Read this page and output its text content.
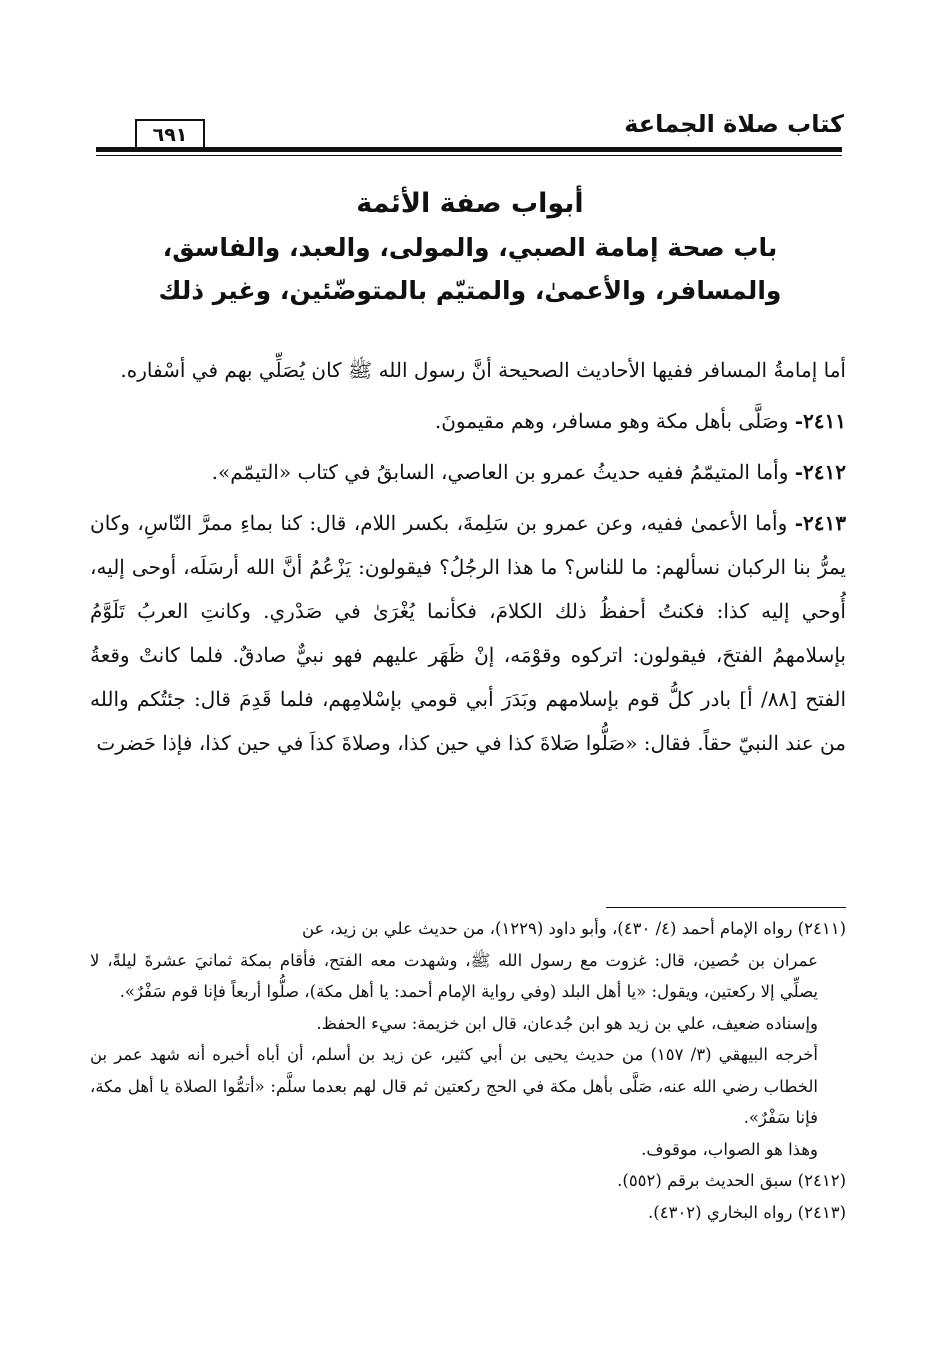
كتاب صلاة الجماعة
٦٩١
أبواب صفة الأئمة
باب صحة إمامة الصبي، والمولى، والعبد، والفاسق،
والمسافر، والأعمىٰ، والمتيّم بالمتوضّئين، وغير ذلك

أما إمامةُ المسافر ففيها الأحاديث الصحيحة أنَّ رسول الله ﷺ كان يُصَلِّي بهم في أسْفاره.

٢٤١١- وصَلَّى بأهل مكة وهو مسافر، وهم مقيمونَ.

٢٤١٢- وأما المتيمّمُ ففيه حديثُ عمرو بن العاصي، السابقُ في كتاب «التيمّم».

٢٤١٣- وأما الأعمىٰ ففيه، وعن عمرو بن سَلِمةَ، بكسر اللام، قال: كنا بماءِ ممرَّ النّاسِ، وكان يمرُّ بنا الركبان نسألهم: ما للناس؟ ما هذا الرجُلُ؟ فيقولون: يَزْعُمُ أنَّ الله أرسَلَه، أوحى إليه، أُوحي إليه كذا: فكنتُ أحفظُ ذلك الكلامَ، فكأنما يُغْرَىٰ في صَدْري. وكانتِ العربُ تَلَوَّمُ بإسلامهمُ الفتحَ، فيقولون: اتركوه وقوْمَه، إنْ ظَهَر عليهم فهو نبيٌّ صادقٌ. فلما كانتْ وقعةُ الفتح [٨٨/ أ] بادر كلُّ قوم بإسلامهم وبَدَرَ أبي قومي بإسْلامِهم، فلما قَدِمَ قال: جئتُكم والله من عند النبيّ حقاً. فقال: «صَلُّوا صَلاةَ كذا في حين كذا، وصلاةَ كذاَ في حين كذا، فإذا حَضرت

(٢٤١١) رواه الإمام أحمد (٤/ ٤٣٠)، وأبو داود (١٢٢٩)، من حديث علي بن زيد، عن

عمران بن حُصين، قال: غزوت مع رسول الله ﷺ، وشهدت معه الفتح، فأقام بمكة ثمانيَ عشرةَ ليلةً، لا يصلِّي إلا ركعتين، ويقول: «يا أهل البلد (وفي رواية الإمام أحمد: يا أهل مكة)، صلُّوا أربعاً فإنا قوم سَفْرٌ».

وإسناده ضعيف، علي بن زيد هو ابن جُدعان، قال ابن خزيمة: سيء الحفظ.

أخرجه البيهقي (٣/ ١٥٧) من حديث يحيى بن أبي كثير، عن زيد بن أسلم، أن أباه أخبره أنه شهد عمر بن الخطاب رضي الله عنه، صَلَّى بأهل مكة في الحج ركعتين ثم قال لهم بعدما سلَّم: «أتمُّوا الصلاة يا أهل مكة، فإنا سَفْرٌ».

وهذا هو الصواب، موقوف.

(٢٤١٢) سبق الحديث برقم (٥٥٢).

(٢٤١٣) رواه البخاري (٤٣٠٢).
